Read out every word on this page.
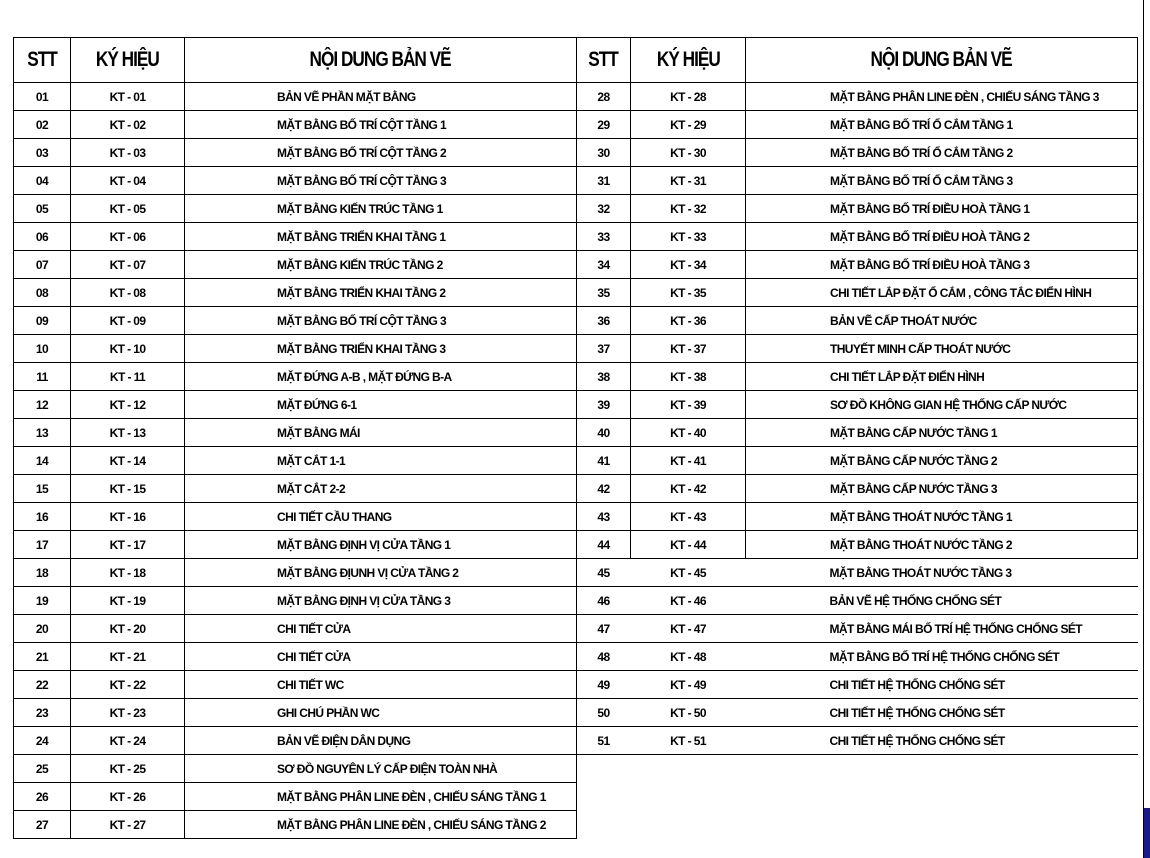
STT	KÝ HIỆU	NỘI DUNG BẢN VẼ
01	KT - 01	BẢN VẼ PHẦN MẶT BẰNG
02	KT - 02	MẶT BẰNG BỐ TRÍ CỘT TẦNG 1
03	KT - 03	MẶT BẰNG BỐ TRÍ CỘT TẦNG 2
04	KT - 04	MẶT BẰNG BỐ TRÍ CỘT TẦNG 3
05	KT - 05	MẶT BẰNG KIẾN TRÚC TẦNG 1
06	KT - 06	MẶT BẰNG TRIỂN KHAI TẦNG 1
07	KT - 07	MẶT BẰNG KIẾN TRÚC TẦNG 2
08	KT - 08	MẶT BẰNG TRIỂN KHAI TẦNG 2
09	KT - 09	MẶT BẰNG BỐ TRÍ CỘT TẦNG 3
10	KT - 10	MẶT BẰNG TRIỂN KHAI TẦNG 3
11	KT - 11	MẶT ĐỨNG A-B , MẶT ĐỨNG B-A
12	KT - 12	MẶT ĐỨNG 6-1
13	KT - 13	MẶT BẰNG MÁI
14	KT - 14	MẶT CẮT 1-1
15	KT - 15	MẶT CẮT 2-2
16	KT - 16	CHI TIẾT CẦU THANG
17	KT - 17	MẶT BẰNG ĐỊNH VỊ CỬA TẦNG 1
18	KT - 18	MẶT BẰNG ĐỊUNH VỊ CỬA TẦNG 2
19	KT - 19	MẶT BẰNG ĐỊNH VỊ CỬA TẦNG 3
20	KT - 20	CHI TIẾT CỬA
21	KT - 21	CHI TIẾT CỬA
22	KT - 22	CHI TIẾT WC
23	KT - 23	GHI CHÚ PHẦN WC
24	KT - 24	BẢN VẼ ĐIỆN DÂN DỤNG
25	KT - 25	SƠ ĐỒ NGUYÊN LÝ CẤP ĐIỆN TOÀN NHÀ
26	KT - 26	MẶT BẰNG PHÂN LINE ĐÈN , CHIẾU SÁNG TẦNG 1
27	KT - 27	MẶT BẰNG PHÂN LINE ĐÈN , CHIẾU SÁNG TẦNG 2
STT	KÝ HIỆU	NỘI DUNG BẢN VẼ
28	KT - 28	MẶT BẰNG PHÂN LINE ĐÈN , CHIẾU SÁNG TẦNG 3
29	KT - 29	MẶT BẰNG BỐ TRÍ Ổ CẮM TẦNG 1
30	KT - 30	MẶT BẰNG BỐ TRÍ Ổ CẮM TẦNG 2
31	KT - 31	MẶT BẰNG BỐ TRÍ Ổ CẮM TẦNG 3
32	KT - 32	MẶT BẰNG BỐ TRÍ ĐIỀU HOÀ TẦNG 1
33	KT - 33	MẶT BẰNG BỐ TRÍ ĐIỀU HOÀ TẦNG 2
34	KT - 34	MẶT BẰNG BỐ TRÍ ĐIỀU HOÀ TẦNG 3
35	KT - 35	CHI TIẾT LẮP ĐẶT Ổ CẮM , CÔNG TẮC ĐIỂN HÌNH
36	KT - 36	BẢN VẼ CẤP THOÁT NƯỚC
37	KT - 37	THUYẾT MINH CẤP THOÁT NƯỚC
38	KT - 38	CHI TIẾT LẮP ĐẶT ĐIỂN HÌNH
39	KT - 39	SƠ ĐỒ KHÔNG GIAN HỆ THỐNG CẤP NƯỚC
40	KT - 40	MẶT BẰNG CẤP NƯỚC TẦNG 1
41	KT - 41	MẶT BẰNG CẤP NƯỚC TẦNG 2
42	KT - 42	MẶT BẰNG CẤP NƯỚC TẦNG 3
43	KT - 43	MẶT BẰNG THOÁT NƯỚC TẦNG 1
44	KT - 44	MẶT BẰNG THOÁT NƯỚC TẦNG 2
45	KT - 45	MẶT BẰNG THOÁT NƯỚC TẦNG 3
46	KT - 46	BẢN VẼ HỆ THỐNG CHỐNG SÉT
47	KT - 47	MẶT BẰNG MÁI BỐ TRÍ HỆ THỐNG CHỐNG SÉT
48	KT - 48	MẶT BẰNG BỐ TRÍ HỆ THỐNG CHỐNG SÉT
49	KT - 49	CHI TIẾT HỆ THỐNG CHỐNG SÉT
50	KT - 50	CHI TIẾT HỆ THỐNG CHỐNG SÉT
51	KT - 51	CHI TIẾT HỆ THỐNG CHỐNG SÉT
